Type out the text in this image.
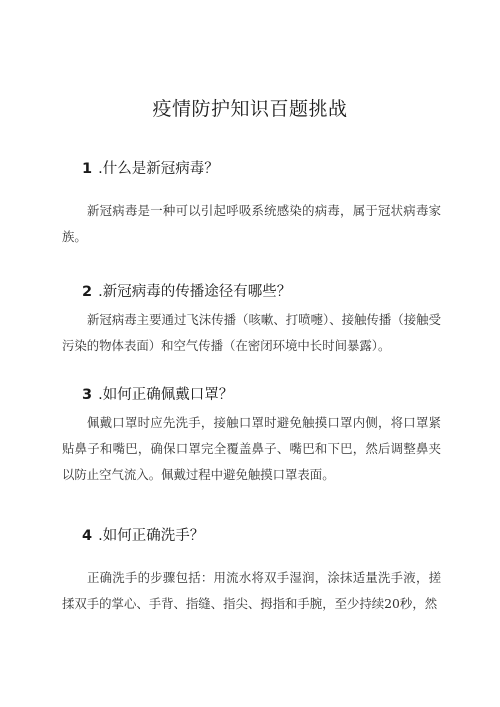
疫情防护知识百题挑战
1 .什么是新冠病毒？

新冠病毒是一种可以引起呼吸系统感染的病毒，属于冠状病毒家族。

2 .新冠病毒的传播途径有哪些？

新冠病毒主要通过飞沫传播（咳嗽、打喷嚏）、接触传播（接触受污染的物体表面）和空气传播（在密闭环境中长时间暴露）。

3 .如何正确佩戴口罩？

佩戴口罩时应先洗手，接触口罩时避免触摸口罩内侧，将口罩紧贴鼻子和嘴巴，确保口罩完全覆盖鼻子、嘴巴和下巴，然后调整鼻夹以防止空气流入。佩戴过程中避免触摸口罩表面。

4 .如何正确洗手？

正确洗手的步骤包括：用流水将双手湿润，涂抹适量洗手液，搓揉双手的掌心、手背、指缝、指尖、拇指和手腕，至少持续20秒，然
